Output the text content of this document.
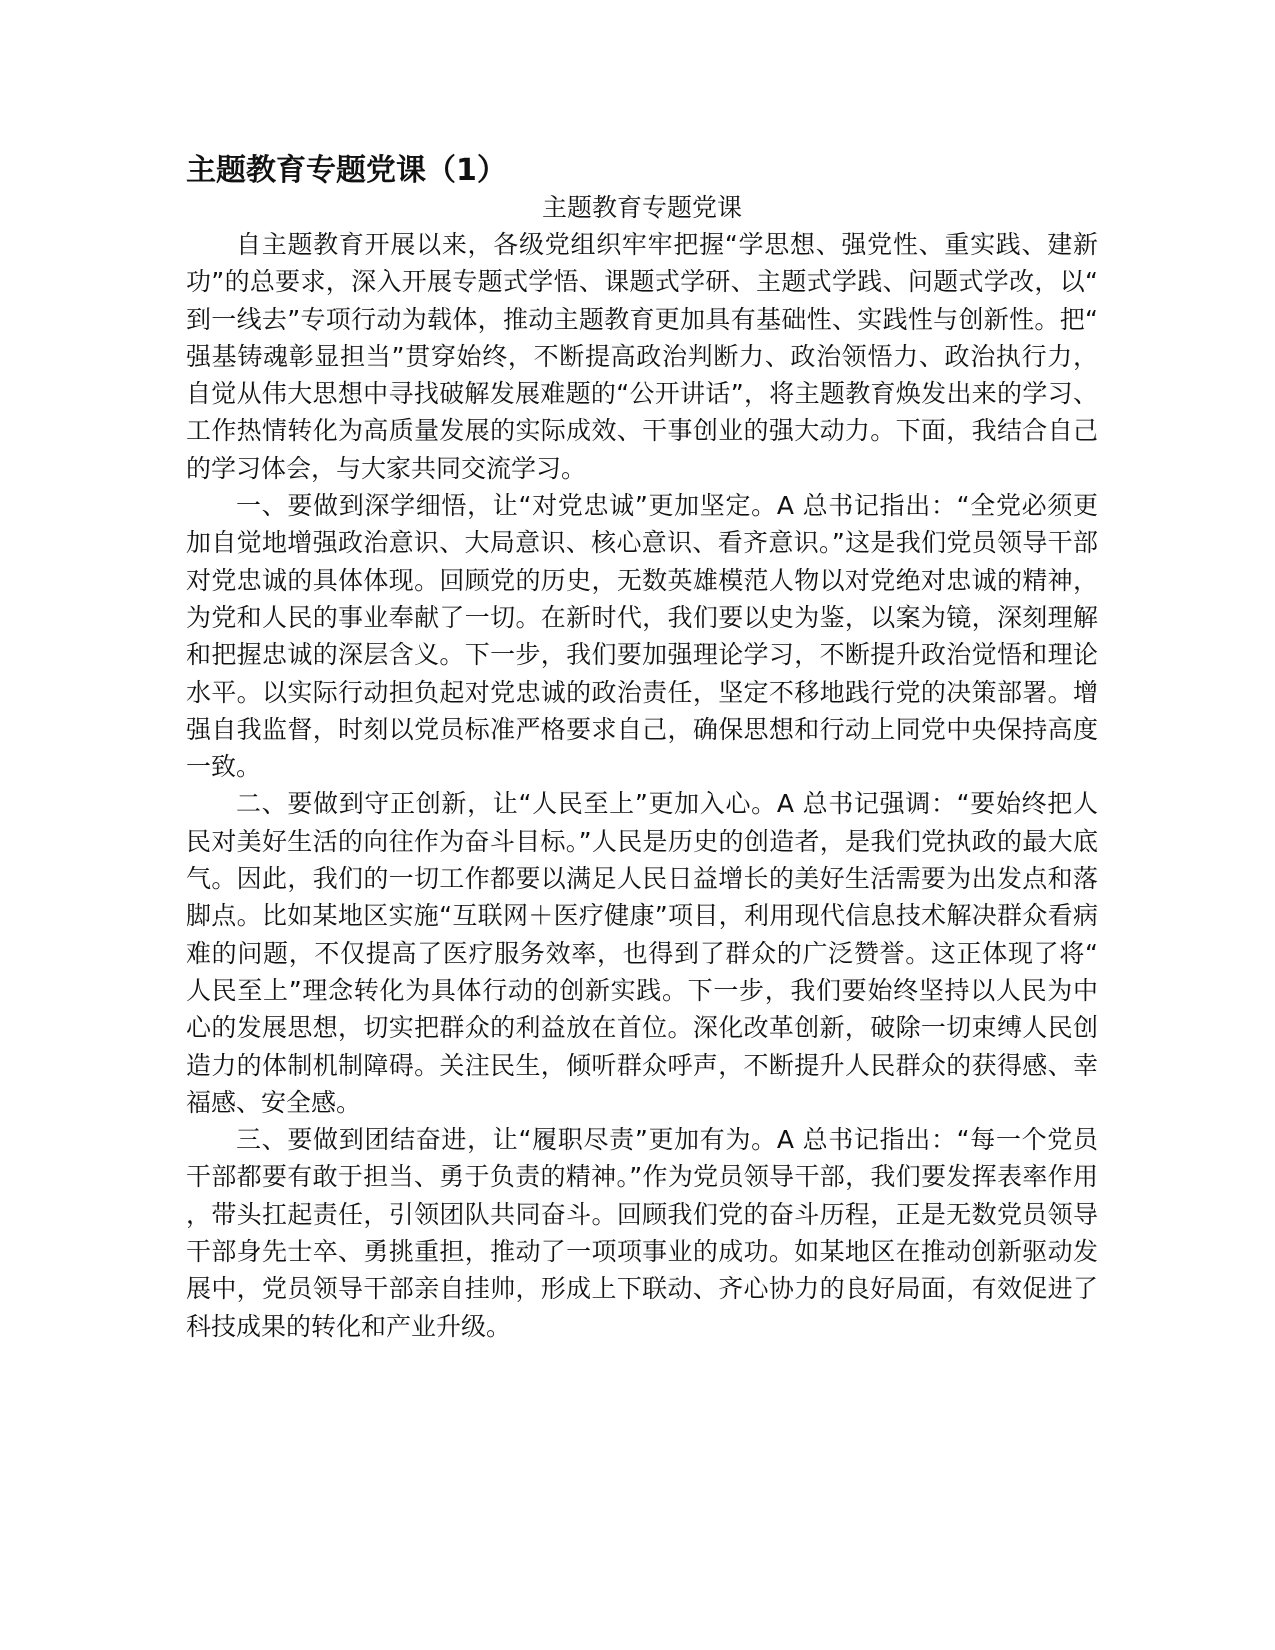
主题教育专题党课（1）

主题教育专题党课

自主题教育开展以来，各级党组织牢牢把握“学思想、强党性、重实践、建新功”的总要求，深入开展专题式学悟、课题式学研、主题式学践、问题式学改，以“到一线去”专项行动为载体，推动主题教育更加具有基础性、实践性与创新性。把“强基铸魂彰显担当”贯穿始终，不断提高政治判断力、政治领悟力、政治执行力，自觉从伟大思想中寻找破解发展难题的“公开讲话”，将主题教育焕发出来的学习、工作热情转化为高质量发展的实际成效、干事创业的强大动力。下面，我结合自己的学习体会，与大家共同交流学习。

一、要做到深学细悟，让“对党忠诚”更加坚定。A 总书记指出：“全党必须更加自觉地增强政治意识、大局意识、核心意识、看齐意识。”这是我们党员领导干部对党忠诚的具体体现。回顾党的历史，无数英雄模范人物以对党绝对忠诚的精神，为党和人民的事业奉献了一切。在新时代，我们要以史为鉴，以案为镜，深刻理解和把握忠诚的深层含义。下一步，我们要加强理论学习，不断提升政治觉悟和理论水平。以实际行动担负起对党忠诚的政治责任，坚定不移地践行党的决策部署。增强自我监督，时刻以党员标准严格要求自己，确保思想和行动上同党中央保持高度一致。

二、要做到守正创新，让“人民至上”更加入心。A 总书记强调：“要始终把人民对美好生活的向往作为奋斗目标。”人民是历史的创造者，是我们党执政的最大底气。因此，我们的一切工作都要以满足人民日益增长的美好生活需要为出发点和落脚点。比如某地区实施“互联网＋医疗健康”项目，利用现代信息技术解决群众看病难的问题，不仅提高了医疗服务效率，也得到了群众的广泛赞誉。这正体现了将“人民至上”理念转化为具体行动的创新实践。下一步，我们要始终坚持以人民为中心的发展思想，切实把群众的利益放在首位。深化改革创新，破除一切束缚人民创造力的体制机制障碍。关注民生，倾听群众呼声，不断提升人民群众的获得感、幸福感、安全感。

三、要做到团结奋进，让“履职尽责”更加有为。A 总书记指出：“每一个党员干部都要有敢于担当、勇于负责的精神。”作为党员领导干部，我们要发挥表率作用，带头扛起责任，引领团队共同奋斗。回顾我们党的奋斗历程，正是无数党员领导干部身先士卒、勇挑重担，推动了一项项事业的成功。如某地区在推动创新驱动发展中，党员领导干部亲自挂帅，形成上下联动、齐心协力的良好局面，有效促进了科技成果的转化和产业升级。
